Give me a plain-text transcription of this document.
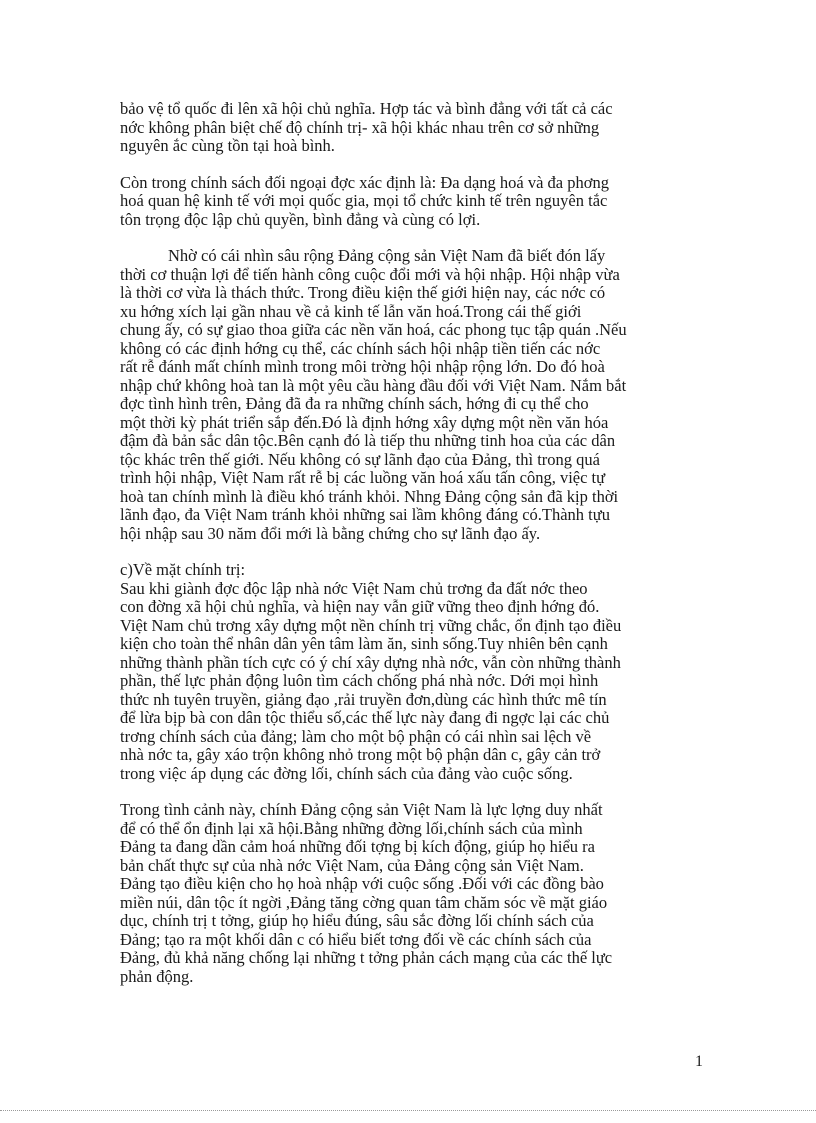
bảo vệ tổ quốc đi lên xã hội chủ nghĩa. Hợp tác và bình đẳng với tất cả các
nớc không phân biệt chế độ chính trị- xã hội khác nhau trên cơ sở những
nguyên ắc cùng tồn tại hoà bình.

Còn trong chính sách đối ngoại đợc xác định là: Đa dạng hoá và đa phơng
hoá quan hệ kinh tế với mọi quốc gia, mọi tổ chức kinh tế trên nguyên tắc
tôn trọng độc lập chủ quyền, bình đẳng và cùng có lợi.

Nhờ có cái nhìn sâu rộng Đảng cộng sản Việt Nam đã biết đón lấy
thời cơ thuận lợi để tiến hành công cuộc đổi mới và hội nhập. Hội nhập vừa
là thời cơ vừa là thách thức. Trong điều kiện thế giới hiện nay, các nớc có
xu hớng xích lại gần nhau về cả kinh tế lẫn văn hoá.Trong cái thế giới
chung ấy, có sự giao thoa giữa các nền văn hoá, các phong tục tập quán .Nếu
không có các định hớng cụ thể, các chính sách hội nhập tiền tiến các nớc
rất rễ đánh mất chính mình trong môi trờng hội nhập rộng lớn. Do đó hoà
nhập chứ không hoà tan là một yêu cầu hàng đầu đối với Việt Nam. Nắm bắt
đợc tình hình trên, Đảng đã đa ra những chính sách, hớng đi cụ thể cho
một thời kỳ phát triển sắp đến.Đó là định hớng xây dựng một nền văn hóa
đậm đà bản sắc dân tộc.Bên cạnh đó là tiếp thu những tinh hoa của các dân
tộc khác trên thế giới. Nếu không có sự lãnh đạo của Đảng, thì trong quá
trình hội nhập, Việt Nam rất rễ bị các luồng văn hoá xấu tấn công, việc tự
hoà tan chính mình là điều khó tránh khỏi. Nhng Đảng cộng sản đã kịp thời
lãnh đạo, đa Việt Nam tránh khỏi những sai lầm không đáng có.Thành tựu
hội nhập sau 30 năm đổi mới là bằng chứng cho sự lãnh đạo ấy.

c)Về mặt chính trị:
Sau khi giành đợc độc lập nhà nớc Việt Nam chủ trơng đa đất nớc theo
con đờng xã hội chủ nghĩa, và hiện nay vẫn giữ vững theo định hớng đó.
Việt Nam chủ trơng xây dựng một nền chính trị vững chắc, ổn định tạo điều
kiện cho toàn thể nhân dân yên tâm làm ăn, sinh sống.Tuy nhiên bên cạnh
những thành phần tích cực có ý chí xây dựng nhà nớc, vẫn còn những thành
phần, thế lực phản động luôn tìm cách chống phá nhà nớc. Dới mọi hình
thức nh tuyên truyền, giảng đạo ,rải truyền đơn,dùng các hình thức mê tín
để lừa bịp bà con dân tộc thiểu số,các thế lực này đang đi ngợc lại các chủ
trơng chính sách của đảng; làm cho một bộ phận có cái nhìn sai lệch về
nhà nớc ta, gây xáo trộn không nhỏ trong một bộ phận dân c, gây cản trở
trong việc áp dụng các đờng lối, chính sách của đảng vào cuộc sống.

Trong tình cảnh này, chính Đảng cộng sản Việt Nam là lực lợng duy nhất
để có thể ổn định lại xã hội.Bằng những đờng lối,chính sách của mình
Đảng ta đang dần cảm hoá những đối tợng bị kích động, giúp họ hiểu ra
bản chất thực sự của nhà nớc Việt Nam, của Đảng cộng sản Việt Nam.
Đảng tạo điều kiện cho họ hoà nhập với cuộc sống .Đối với các đồng bào
miền núi, dân tộc ít ngời ,Đảng tăng cờng quan tâm chăm sóc về mặt giáo
dục, chính trị t tởng, giúp họ hiểu đúng, sâu sắc đờng lối chính sách của
Đảng; tạo ra một khối dân c có hiểu biết tơng đối về các chính sách của
Đảng, đủ khả năng chống lại những t tởng phản cách mạng của các thế lực
phản động.

1
